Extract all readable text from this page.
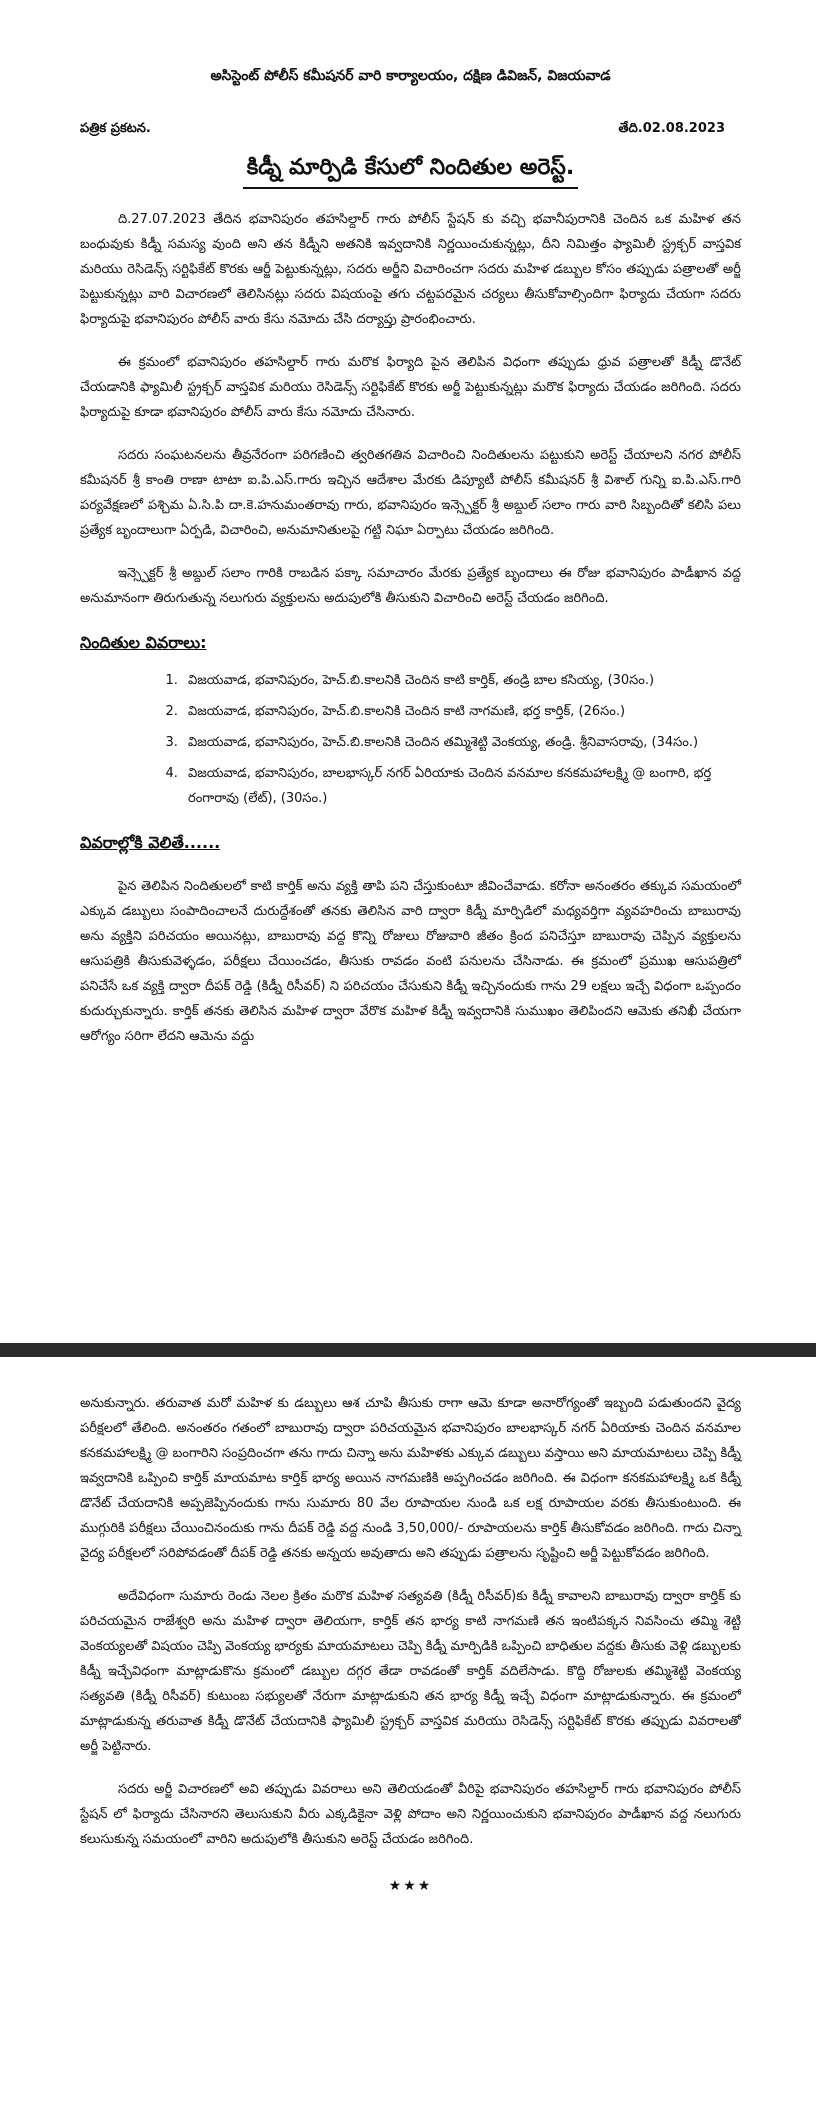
అసిస్టెంట్ పోలీస్ కమీషనర్ వారి కార్యాలయం, దక్షిణ డివిజన్, విజయవాడ
పత్రిక ప్రకటన.	తేది.02.08.2023
కిడ్నీ మార్పిడి కేసులో నిందితుల అరెస్ట్.

ది.27.07.2023 తేదిన భవానిపురం తహసిల్దార్ గారు పోలీస్ స్టేషన్ కు వచ్చి భవానీపురానికి చెందిన ఒక మహిళ తన బంధువుకు కిడ్నీ సమస్య వుంది అని తన కిడ్నీని అతనికి ఇవ్వదానికి నిర్ణయించుకున్నట్లు, దీని నిమిత్తం ఫ్యామిలీ స్ట్రక్చర్ వాస్తవిక మరియు రెసిడెన్స్ సర్టిఫికేట్ కొరకు ఆర్జీ పెట్టుకున్నట్లు, సదరు అర్జీని విచారించగా సదరు మహిళ డబ్బుల కోసం తప్పుడు పత్రాలతో అర్జీ పెట్టుకున్నట్లు వారి విచారణలో తెలిసినట్లు సదరు విషయంపై తగు చట్టపరమైన చర్యలు తీసుకోవాల్సిందిగా ఫిర్యాదు చేయగా సదరు ఫిర్యాదుపై భవానిపురం పోలీస్ వారు కేసు నమోదు చేసి దర్యాప్తు ప్రారంభించారు.

ఈ క్రమంలో భవానిపురం తహసిల్దార్ గారు మరొక ఫిర్యాది పైన తెలిపిన విధంగా తప్పుడు ధ్రువ పత్రాలతో కిడ్నీ డొనేట్ చేయడానికి ఫ్యామిలీ స్ట్రక్చర్ వాస్తవిక మరియు రెసిడెన్స్ సర్టిఫికేట్ కొరకు అర్జీ పెట్టుకున్నట్లు మరొక ఫిర్యాదు చేయడం జరిగింది. సదరు ఫిర్యాదుపై కూడా భవానిపురం పోలీస్ వారు కేసు నమోదు చేసినారు.

సదరు సంఘటనలను తీవ్రనేరంగా పరిగణించి త్వరితగతిన విచారించి నిందితులను పట్టుకుని అరెస్ట్ చేయాలని నగర పోలీస్ కమీషనర్ శ్రీ కాంతి రాణా టాటా ఐ.పి.ఎస్.గారు ఇచ్చిన ఆదేశాల మేరకు డిప్యూటీ పోలీస్ కమీషనర్ శ్రీ విశాల్ గున్ని ఐ.పి.ఎస్.గారి పర్యవేక్షణలో పశ్చిమ ఏ.సి.పి దా.కె.హనుమంతరావు గారు, భవానిపురం ఇన్స్పెక్టర్ శ్రీ అబ్దుల్ సలాం గారు వారి సిబ్బందితో కలిసి పలు ప్రత్యేక బృందాలుగా ఏర్పడి, విచారించి, అనుమానితులపై గట్టి నిఘా ఏర్పాటు చేయడం జరిగింది.

ఇన్స్పెక్టర్ శ్రీ అబ్దుల్ సలాం గారికి రాబడిన పక్కా సమాచారం మేరకు ప్రత్యేక బృందాలు ఈ రోజు భవానిపురం పాడీఖాన వద్ద అనుమానంగా తిరుగుతున్న నలుగురు వ్యక్తులను అదుపులోకి తీసుకుని విచారించి అరెస్ట్ చేయడం జరిగింది.

నిందితుల వివరాలు:
1. విజయవాడ, భవానిపురం, హెచ్.బి.కాలనికి చెందిన కాటి కార్తిక్, తండ్రి బాల కసియ్య, (30సం.)
2. విజయవాడ, భవానిపురం, హెచ్.బి.కాలనికి చెందిన కాటి నాగమణి, భర్త కార్తిక్, (26సం.)
3. విజయవాడ, భవానిపురం, హెచ్.బి.కాలనికి చెందిన తమ్మిశెట్టి వెంకయ్య, తండ్రి. శ్రీనివాసరావు, (34సం.)
4. విజయవాడ, భవానిపురం, బాలభాస్కర్ నగర్ ఏరియాకు చెందిన వనమాల కనకమహాలక్ష్మి @ బంగారి, భర్త రంగారావు (లేట్), (30సం.)
వివరాల్లోకి వెలితే......

పైన తెలిపిన నిందితులలో కాటి కార్తిక్ అను వ్యక్తి తాపి పని చేస్తుకుంటూ జీవించేవాడు. కరోనా అనంతరం తక్కువ సమయంలో ఎక్కువ డబ్బులు సంపాదించాలనే దురుద్దేశంతో తనకు తెలిసిన వారి ద్వారా కిడ్నీ మార్పిడిలో మధ్యవర్తిగా వ్యవహరించు బాబురావు అను వ్యక్తిని పరిచయం అయినట్లు, బాబురావు వద్ద కొన్ని రోజులు రోజువారి జీతం క్రింద పనిచేస్తూ బాబురావు చెప్పిన వ్యక్తులను ఆసుపత్రికి తీసుకువెళ్ళడం, పరీక్షలు చేయించడం, తీసుకు రావడం వంటి పనులను చేసినాడు. ఈ క్రమంలో ప్రముఖ ఆసుపత్రిలో పనిచేసే ఒక వ్యక్తి ద్వారా దీపక్ రెడ్డి (కిడ్నీ రిసీవర్) ని పరిచయం చేసుకుని కిడ్నీ ఇచ్చినందుకు గాను 29 లక్షలు ఇచ్చే విధంగా ఒప్పందం కుదుర్చుకున్నారు. కార్తిక్ తనకు తెలిసిన మహిళ ద్వారా వేరొక మహిళ కిడ్నీ ఇవ్వదానికి సుముఖం తెలిపిందని ఆమెకు తనిఖీ చేయగా ఆరోగ్యం సరిగా లేదని ఆమెను వద్దు

అనుకున్నారు. తరువాత మరో మహిళ కు డబ్బులు ఆశ చూపి తీసుకు రాగా ఆమె కూడా అనారోగ్యంతో ఇబ్బంది పడుతుందని వైద్య పరీక్షలలో తేలింది. అనంతరం గతంలో బాబురావు ద్వారా పరిచయమైన భవానిపురం బాలభాస్కర్ నగర్ ఏరియాకు చెందిన వనమాల కనకమహాలక్ష్మి @ బంగారిని సంప్రదించగా తను గాదు చిన్నా అను మహిళకు ఎక్కువ డబ్బులు వస్తాయి అని మాయమాటలు చెప్పి కిడ్నీ ఇవ్వదానికి ఒప్పించి కార్తిక్ మాయమాట కార్తిక్ భార్య అయిన నాగమణికి అప్పగించడం జరిగింది. ఈ విధంగా కనకమహాలక్ష్మి ఒక కిడ్నీ డొనేట్ చేయదానికి అప్పజెప్పినందుకు గాను సుమారు 80 వేల రూపాయల నుండి ఒక లక్ష రూపాయల వరకు తీసుకుంటుంది. ఈ ముగ్గురికి పరీక్షలు చేయించినందుకు గాను దీపక్ రెడ్డి వద్ద నుండి 3,50,000/- రూపాయలను కార్తిక్ తీసుకోవడం జరిగింది. గాదు చిన్నా వైద్య పరీక్షలలో సరిపోవడంతో దీపక్ రెడ్డి తనకు అన్నయ అవుతాదు అని తప్పుడు పత్రాలను సృష్టించి అర్జీ పెట్టుకోవడం జరిగింది.

అదేవిధంగా సుమారు రెండు నెలల క్రితం మరొక మహిళ సత్యవతి (కిడ్నీ రిసీవర్)కు కిడ్నీ కావాలని బాబురావు ద్వారా కార్తిక్ కు పరిచయమైన రాజేశ్వరి అను మహిళ ద్వారా తెలియగా, కార్తిక్ తన భార్య కాటి నాగమణి తన ఇంటిపక్కన నివసించు తమ్మి శెట్టి వెంకయ్యలతో విషయం చెప్పి వెంకయ్య భార్యకు మాయమాటలు చెప్పి కిడ్నీ మార్పిడికి ఒప్పించి బాధితుల వద్దకు తీసుకు వెళ్లి డబ్బులకు కిడ్నీ ఇచ్చేవిధంగా మాట్లాడుకొను క్రమంలో డబ్బుల దగ్గర తేడా రావడంతో కార్తిక్ వదిలేసాడు. కొద్ది రోజులకు తమ్మిశెట్టి వెంకయ్య సత్యవతి (కిడ్నీ రిసీవర్) కుటుంబ సభ్యులతో నేరుగా మాట్లాడుకుని తన భార్య కిడ్నీ ఇచ్చే విధంగా మాట్లాడుకున్నారు. ఈ క్రమంలో మాట్లాడుకున్న తరువాత కిడ్నీ డొనేట్ చేయదానికి ఫ్యామిలీ స్ట్రక్చర్ వాస్తవిక మరియు రెసిడెన్స్ సర్టిఫికేట్ కొరకు తప్పుడు వివరాలతో అర్జీ పెట్టినారు.

సదరు అర్జీ విచారణలో అవి తప్పుడు వివరాలు అని తెలియడంతో వీరిపై భవానిపురం తహసిల్దార్ గారు భవానిపురం పోలీస్ స్టేషన్ లో ఫిర్యాదు చేసినారని తెలుసుకుని వీరు ఎక్కడికైనా వెళ్లి పోదాం అని నిర్ణయించుకుని భవానిపురం పాడీఖాన వద్ద నలుగురు కలుసుకున్న సమయంలో వారిని అదుపులోకి తీసుకుని అరెస్ట్ చేయడం జరిగింది.

★★★
